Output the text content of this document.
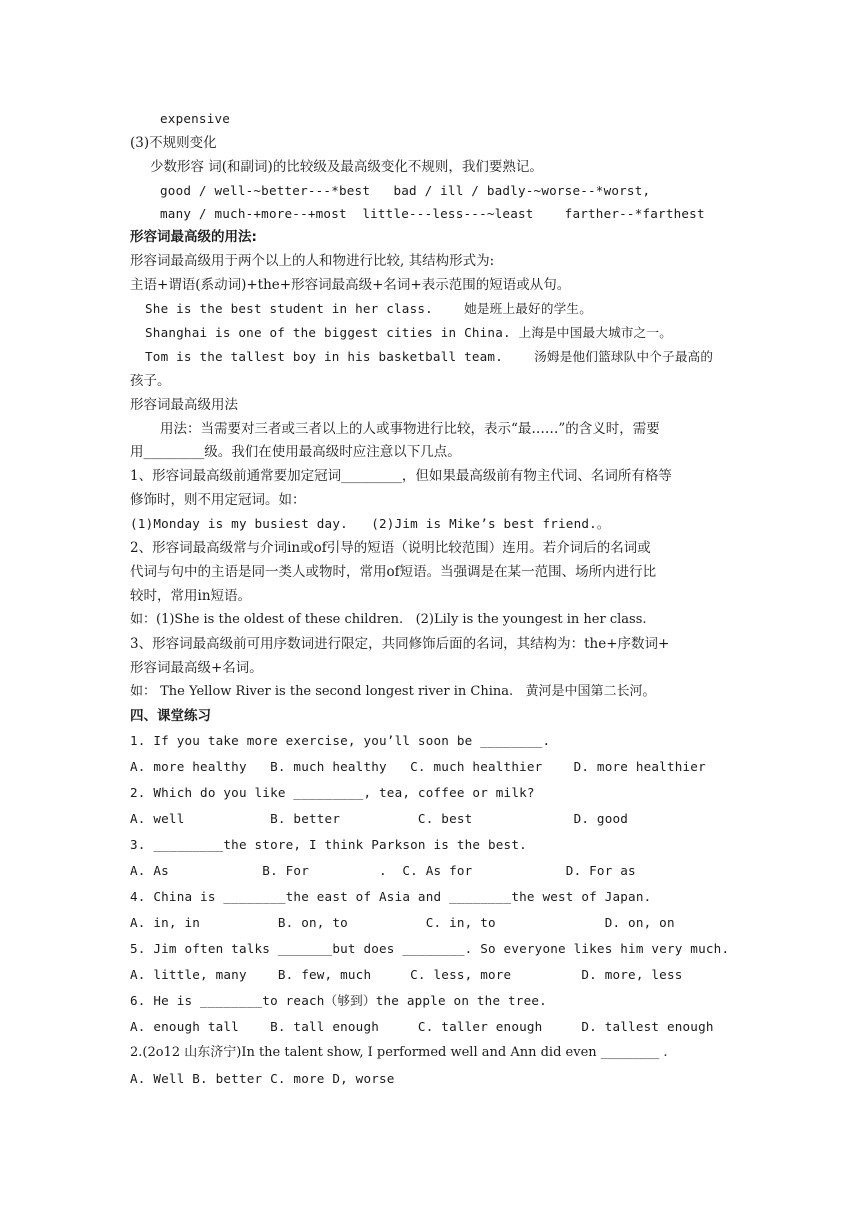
expensive
(3)不规则变化
少数形容 词(和副词)的比较级及最高级变化不规则，我们要熟记。
good / well-~better---*best   bad / ill / badly-~worse--*worst,
many / much-+more--+most  little---less---~least    farther--*farthest
形容词最高级的用法:
形容词最高级用于两个以上的人和物进行比较, 其结构形式为:
主语+谓语(系动词)+the+形容词最高级+名词+表示范围的短语或从句。
She is the best student in her class.    她是班上最好的学生。
Shanghai is one of the biggest cities in China. 上海是中国最大城市之一。
Tom is the tallest boy in his basketball team.    汤姆是他们篮球队中个子最高的
孩子。
形容词最高级用法
用法：当需要对三者或三者以上的人或事物进行比较，表示“最……”的含义时，需要
用_________级。我们在使用最高级时应注意以下几点。
1、形容词最高级前通常要加定冠词_________，但如果最高级前有物主代词、名词所有格等
修饰时，则不用定冠词。如：
(1)Monday is my busiest day.   (2)Jim is Mike’s best friend.。
2、形容词最高级常与介词in或of引导的短语（说明比较范围）连用。若介词后的名词或
代词与句中的主语是同一类人或物时，常用of短语。当强调是在某一范围、场所内进行比
较时，常用in短语。
如：(1)She is the oldest of these children.   (2)Lily is the youngest in her class.
3、形容词最高级前可用序数词进行限定，共同修饰后面的名词，其结构为：the+序数词+
形容词最高级+名词。
如： The Yellow River is the second longest river in China.   黄河是中国第二长河。
四、课堂练习
1. If you take more exercise, you’ll soon be ________.
A. more healthy   B. much healthy   C. much healthier    D. more healthier
2. Which do you like _________, tea, coffee or milk?
A. well           B. better          C. best             D. good
3. _________the store, I think Parkson is the best.
A. As            B. For         .  C. As for            D. For as
4. China is ________the east of Asia and ________the west of Japan.
A. in, in          B. on, to          C. in, to              D. on, on
5. Jim often talks _______but does ________. So everyone likes him very much.
A. little, many    B. few, much     C. less, more         D. more, less
6. He is ________to reach（够到）the apple on the tree.
A. enough tall    B. tall enough     C. taller enough     D. tallest enough
2.(2o12 山东济宁)In the talent show, I performed well and Ann did even _________ .
A. Well B. better C. more D, worse
